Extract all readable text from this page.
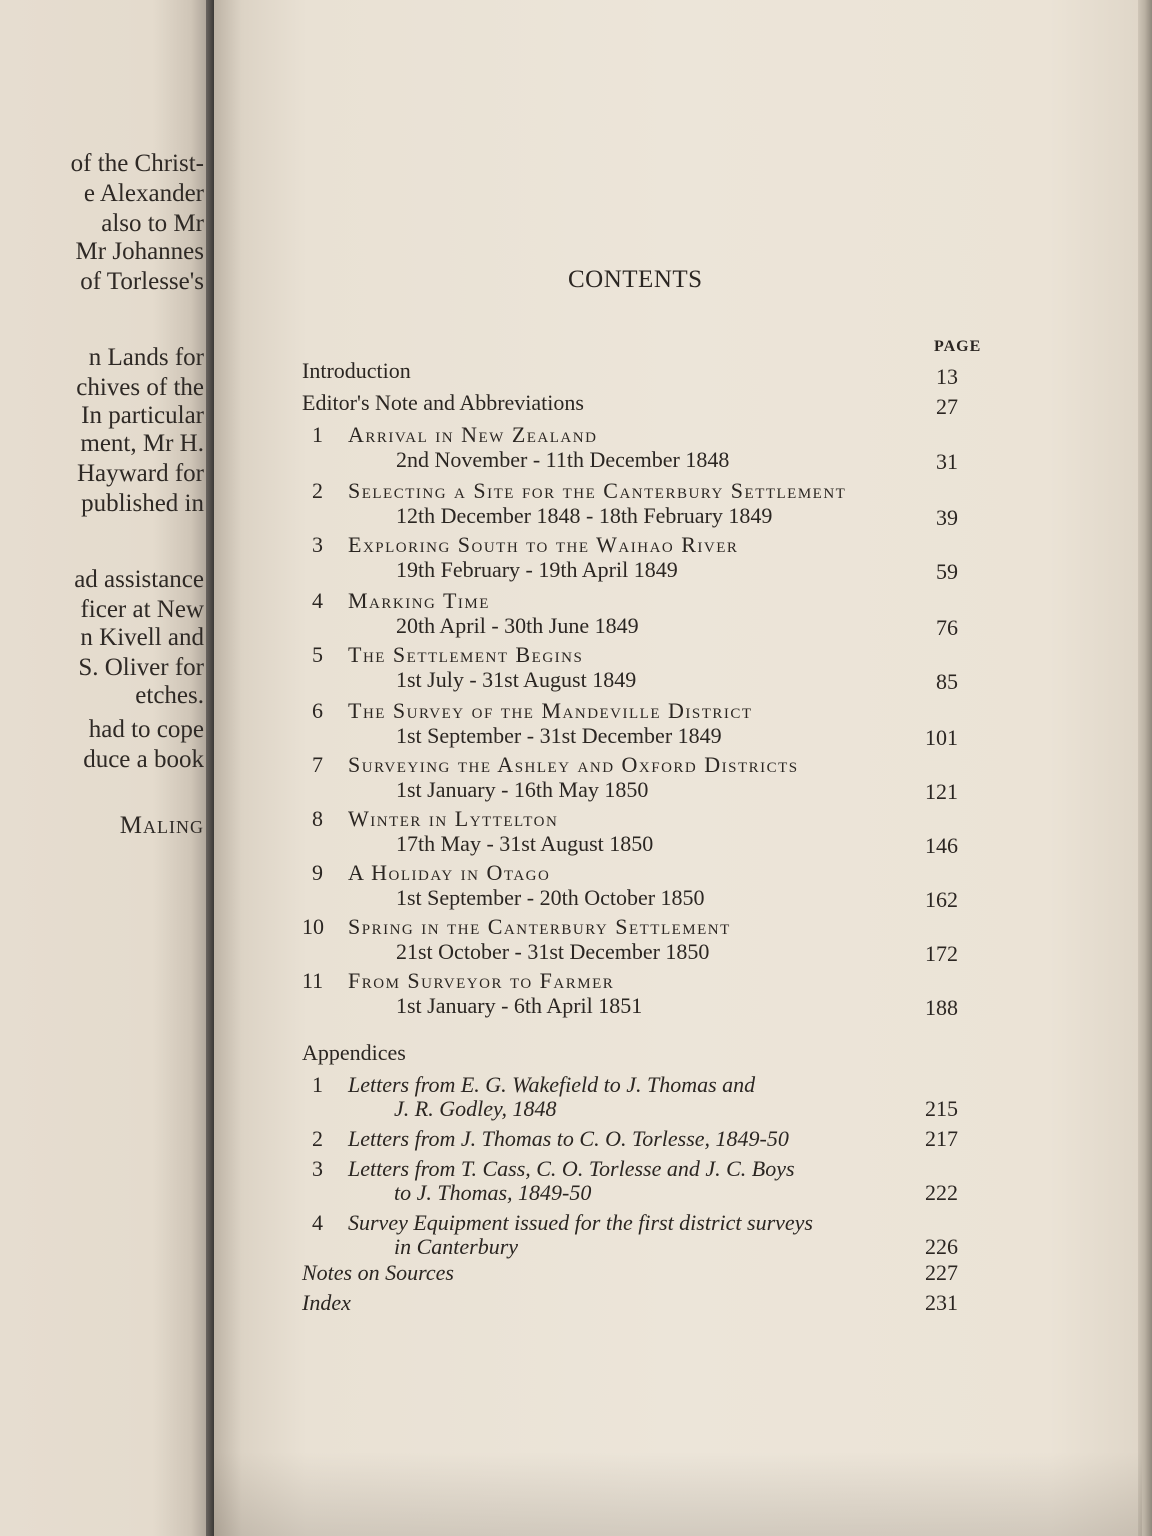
of the Christ-
e Alexander
also to Mr
Mr Johannes
of Torlesse's
n Lands for
chives of the
In particular
ment, Mr H.
Hayward for
published in
ad assistance
ficer at New
n Kivell and
S. Oliver for
etches.
had to cope
duce a book
Maling
CONTENTS
PAGE
Introduction	13
Editor's Note and Abbreviations	27
1 Arrival in New Zealand
2nd November - 11th December 1848	31
2 Selecting a Site for the Canterbury Settlement
12th December 1848 - 18th February 1849	39
3 Exploring South to the Waihao River
19th February - 19th April 1849	59
4 Marking Time
20th April - 30th June 1849	76
5 The Settlement Begins
1st July - 31st August 1849	85
6 The Survey of the Mandeville District
1st September - 31st December 1849	101
7 Surveying the Ashley and Oxford Districts
1st January - 16th May 1850	121
8 Winter in Lyttelton
17th May - 31st August 1850	146
9 A Holiday in Otago
1st September - 20th October 1850	162
10 Spring in the Canterbury Settlement
21st October - 31st December 1850	172
11 From Surveyor to Farmer
1st January - 6th April 1851	188
Appendices
1 Letters from E. G. Wakefield to J. Thomas and
J. R. Godley, 1848	215
2 Letters from J. Thomas to C. O. Torlesse, 1849-50	217
3 Letters from T. Cass, C. O. Torlesse and J. C. Boys
to J. Thomas, 1849-50	222
4 Survey Equipment issued for the first district surveys
in Canterbury	226
Notes on Sources	227
Index	231
